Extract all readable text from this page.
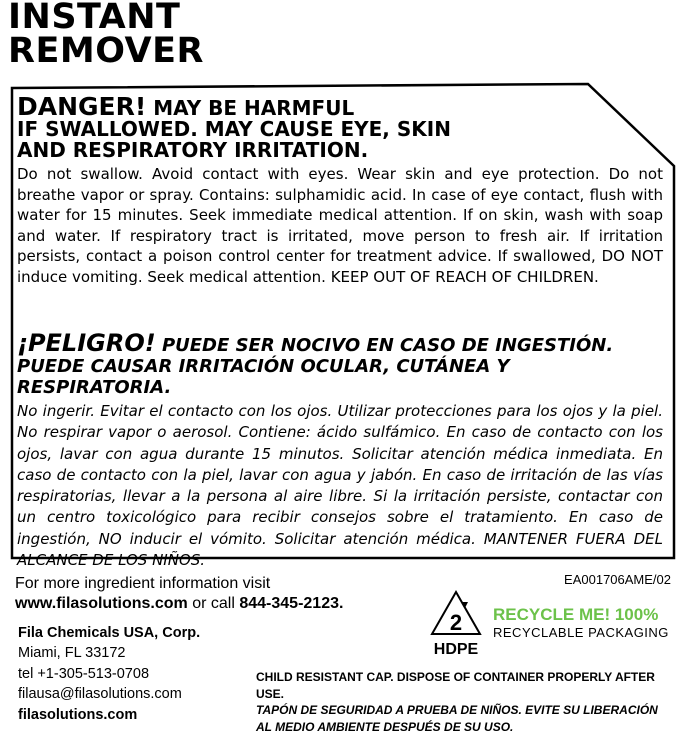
INSTANT
REMOVER
DANGER! MAY BE HARMFUL
IF SWALLOWED. MAY CAUSE EYE, SKIN
AND RESPIRATORY IRRITATION.
Do not swallow. Avoid contact with eyes. Wear skin and eye protection. Do not breathe vapor or spray. Contains: sulphamidic acid. In case of eye contact, flush with water for 15 minutes. Seek immediate medical attention. If on skin, wash with soap and water. If respiratory tract is irritated, move person to fresh air. If irritation persists, contact a poison control center for treatment advice. If swallowed, DO NOT induce vomiting. Seek medical attention. KEEP OUT OF REACH OF CHILDREN.
¡PELIGRO! PUEDE SER NOCIVO EN CASO DE INGESTIÓN.
PUEDE CAUSAR IRRITACIÓN OCULAR, CUTÁNEA Y RESPIRATORIA.
No ingerir. Evitar el contacto con los ojos. Utilizar protecciones para los ojos y la piel. No respirar vapor o aerosol. Contiene: ácido sulfámico. En caso de contacto con los ojos, lavar con agua durante 15 minutos. Solicitar atención médica inmediata. En caso de contacto con la piel, lavar con agua y jabón. En caso de irritación de las vías respiratorias, llevar a la persona al aire libre. Si la irritación persiste, contactar con un centro toxicológico para recibir consejos sobre el tratamiento. En caso de ingestión, NO inducir el vómito. Solicitar atención médica. MANTENER FUERA DEL ALCANCE DE LOS NIÑOS.
For more ingredient information visit
www.filasolutions.com or call 844-345-2123.
EA001706AME/02
Fila Chemicals USA, Corp.
Miami, FL 33172
tel +1-305-513-0708
filausa@filasolutions.com
filasolutions.com
2
HDPE
RECYCLE ME! 100%
RECYCLABLE PACKAGING
CHILD RESISTANT CAP. DISPOSE OF CONTAINER PROPERLY AFTER USE.
TAPÓN DE SEGURIDAD A PRUEBA DE NIÑOS. EVITE SU LIBERACIÓN AL MEDIO AMBIENTE DESPUÉS DE SU USO.
